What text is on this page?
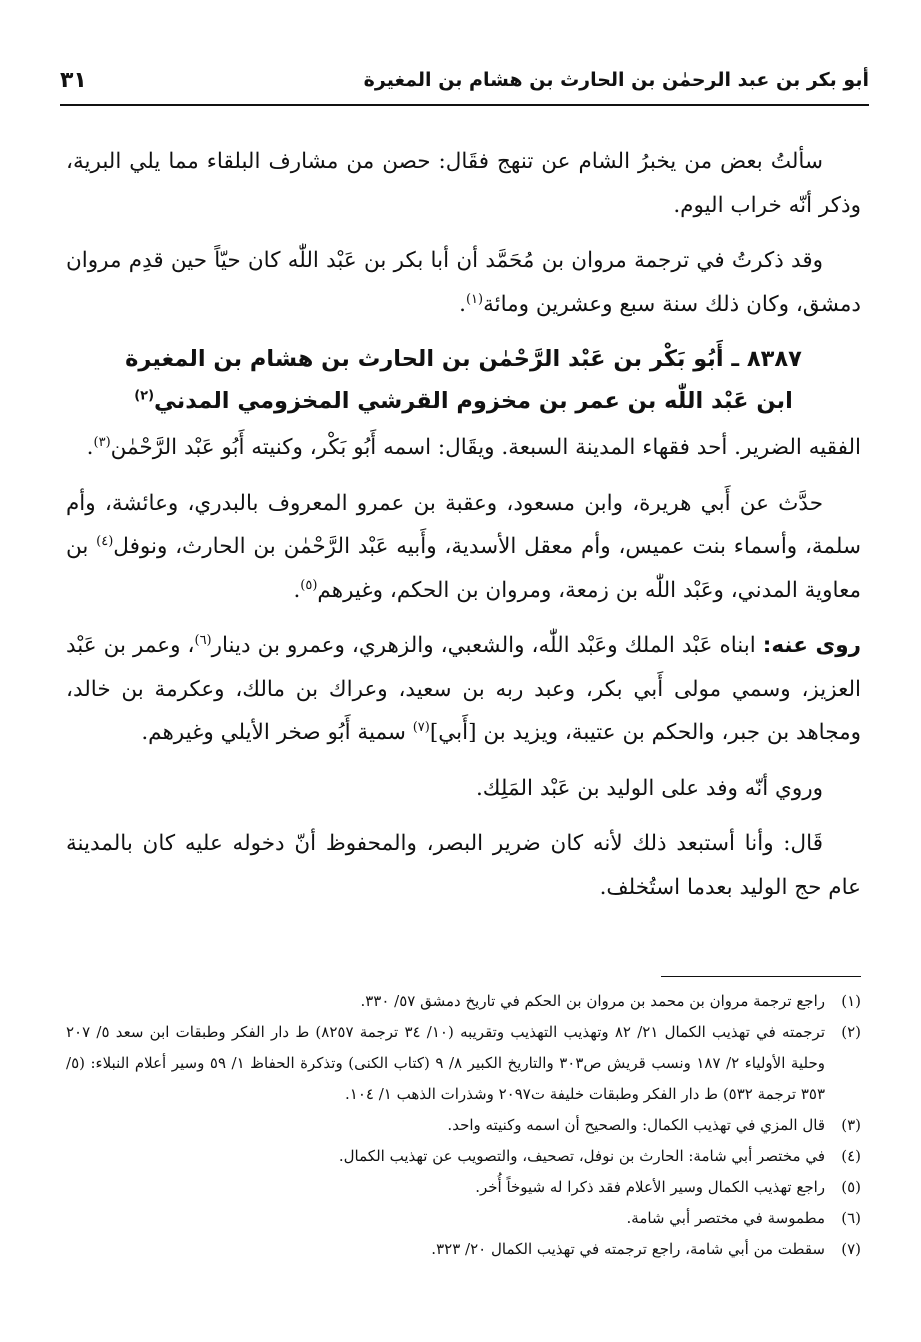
أبو بكر بن عبد الرحمٰن بن الحارث بن هشام بن المغيرة
٣١

سألتُ بعض من يخبرُ الشام عن تنهج فقَال: حصن من مشارف البلقاء مما يلي البرية، وذكر أنّه خراب اليوم.

وقد ذكرتُ في ترجمة مروان بن مُحَمَّد أن أبا بكر بن عَبْد اللّٰه كان حيّاً حين قدِم مروان دمشق، وكان ذلك سنة سبع وعشرين ومائة$^{(١)}$.

٨٣٨٧ ـ أَبُو بَكْر بن عَبْد الرَّحْمٰن بن الحارث بن هشام بن المغيرة
ابن عَبْد اللّٰه بن عمر بن مخزوم القرشي المخزومي المدني$^{(٢)}$

الفقيه الضرير. أحد فقهاء المدينة السبعة. ويقَال: اسمه أَبُو بَكْر، وكنيته أَبُو عَبْد الرَّحْمٰن$^{(٣)}$.

حدَّث عن أَبي هريرة، وابن مسعود، وعقبة بن عمرو المعروف بالبدري، وعائشة، وأم سلمة، وأسماء بنت عميس، وأم معقل الأسدية، وأَبيه عَبْد الرَّحْمٰن بن الحارث، ونوفل$^{(٤)}$ بن معاوية المدني، وعَبْد اللّٰه بن زمعة، ومروان بن الحكم، وغيرهم$^{(٥)}$.

روى عنه: ابناه عَبْد الملك وعَبْد اللّٰه، والشعبي، والزهري، وعمرو بن دينار$^{(٦)}$، وعمر بن عَبْد العزيز، وسمي مولى أَبي بكر، وعبد ربه بن سعيد، وعراك بن مالك، وعكرمة بن خالد، ومجاهد بن جبر، والحكم بن عتيبة، ويزيد بن [أَبي]$^{(٧)}$ سمية أَبُو صخر الأيلي وغيرهم.

وروي أنّه وفد على الوليد بن عَبْد المَلِك.

قَال: وأنا أستبعد ذلك لأنه كان ضرير البصر، والمحفوظ أنّ دخوله عليه كان بالمدينة عام حج الوليد بعدما استُخلف.

(١)
راجع ترجمة مروان بن محمد بن مروان بن الحكم في تاريخ دمشق ٥٧/ ٣٣٠.
(٢)
ترجمته في تهذيب الكمال ٢١/ ٨٢ وتهذيب التهذيب وتقريبه (١٠/ ٣٤ ترجمة ٨٢٥٧) ط دار الفكر وطبقات ابن سعد ٥/ ٢٠٧ وحلية الأولياء ٢/ ١٨٧ ونسب قريش ص٣٠٣ والتاريخ الكبير ٨/ ٩ (كتاب الكنى) وتذكرة الحفاظ ١/ ٥٩ وسير أعلام النبلاء: (٥/ ٣٥٣ ترجمة ٥٣٢) ط دار الفكر وطبقات خليفة ت٢٠٩٧ وشذرات الذهب ١/ ١٠٤.
(٣)
قال المزي في تهذيب الكمال: والصحيح أن اسمه وكنيته واحد.
(٤)
في مختصر أبي شامة: الحارث بن نوفل، تصحيف، والتصويب عن تهذيب الكمال.
(٥)
راجع تهذيب الكمال وسير الأعلام فقد ذكرا له شيوخاً أُخر.
(٦)
مطموسة في مختصر أبي شامة.
(٧)
سقطت من أبي شامة، راجع ترجمته في تهذيب الكمال ٢٠/ ٣٢٣.
